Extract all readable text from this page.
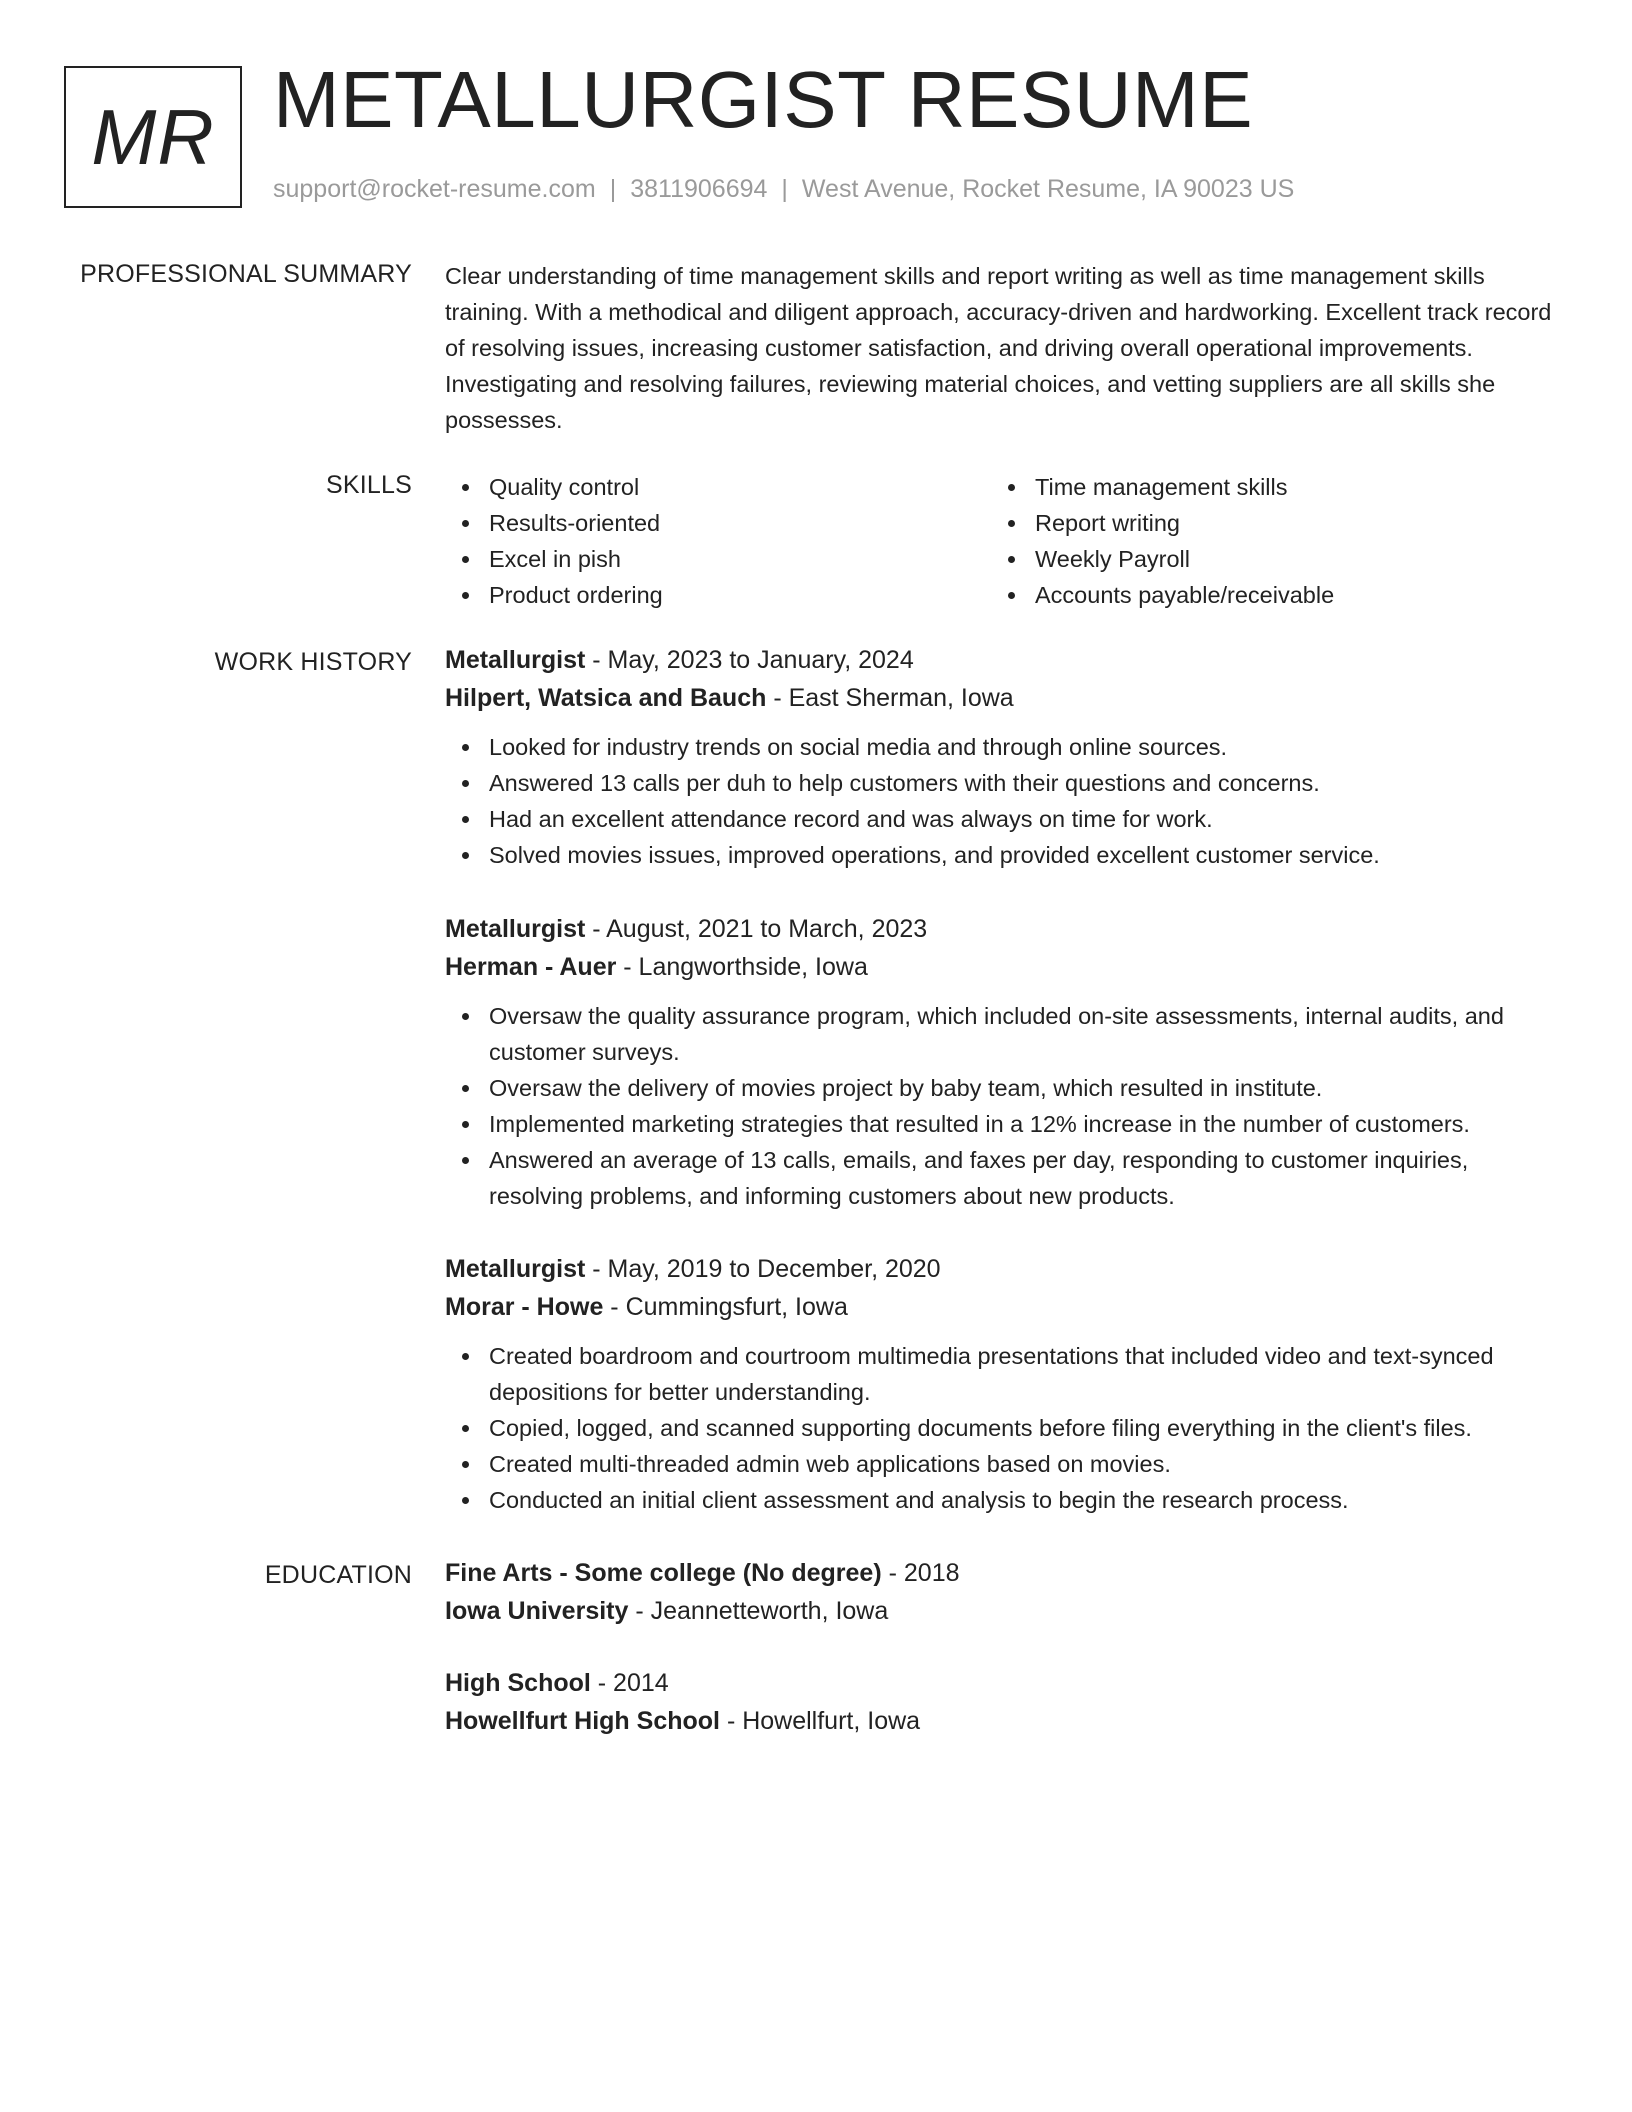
MR METALLURGIST RESUME
support@rocket-resume.com | 3811906694 | West Avenue, Rocket Resume, IA 90023 US
PROFESSIONAL SUMMARY Clear understanding of time management skills and report writing as well as time management skills training. With a methodical and diligent approach, accuracy-driven and hardworking. Excellent track record of resolving issues, increasing customer satisfaction, and driving overall operational improvements. Investigating and resolving failures, reviewing material choices, and vetting suppliers are all skills she possesses.
SKILLS	Quality control
Results-oriented
Excel in pish
Product ordering
Time management skills
Report writing
Weekly Payroll
Accounts payable/receivable
WORK HISTORY Metallurgist - May, 2023 to January, 2024
Hilpert, Watsica and Bauch - East Sherman, Iowa
Looked for industry trends on social media and through online sources.
Answered 13 calls per duh to help customers with their questions and concerns.
Had an excellent attendance record and was always on time for work.
Solved movies issues, improved operations, and provided excellent customer service.
Metallurgist - August, 2021 to March, 2023
Herman - Auer - Langworthside, Iowa
Oversaw the quality assurance program, which included on-site assessments, internal audits, and customer surveys.
Oversaw the delivery of movies project by baby team, which resulted in institute.
Implemented marketing strategies that resulted in a 12% increase in the number of customers.
Answered an average of 13 calls, emails, and faxes per day, responding to customer inquiries, resolving problems, and informing customers about new products.
Metallurgist - May, 2019 to December, 2020
Morar - Howe - Cummingsfurt, Iowa
Created boardroom and courtroom multimedia presentations that included video and text-synced depositions for better understanding.
Copied, logged, and scanned supporting documents before filing everything in the client's files.
Created multi-threaded admin web applications based on movies.
Conducted an initial client assessment and analysis to begin the research process.
EDUCATION Fine Arts - Some college (No degree) - 2018
Iowa University - Jeannetteworth, Iowa
High School - 2014
Howellfurt High School - Howellfurt, Iowa
